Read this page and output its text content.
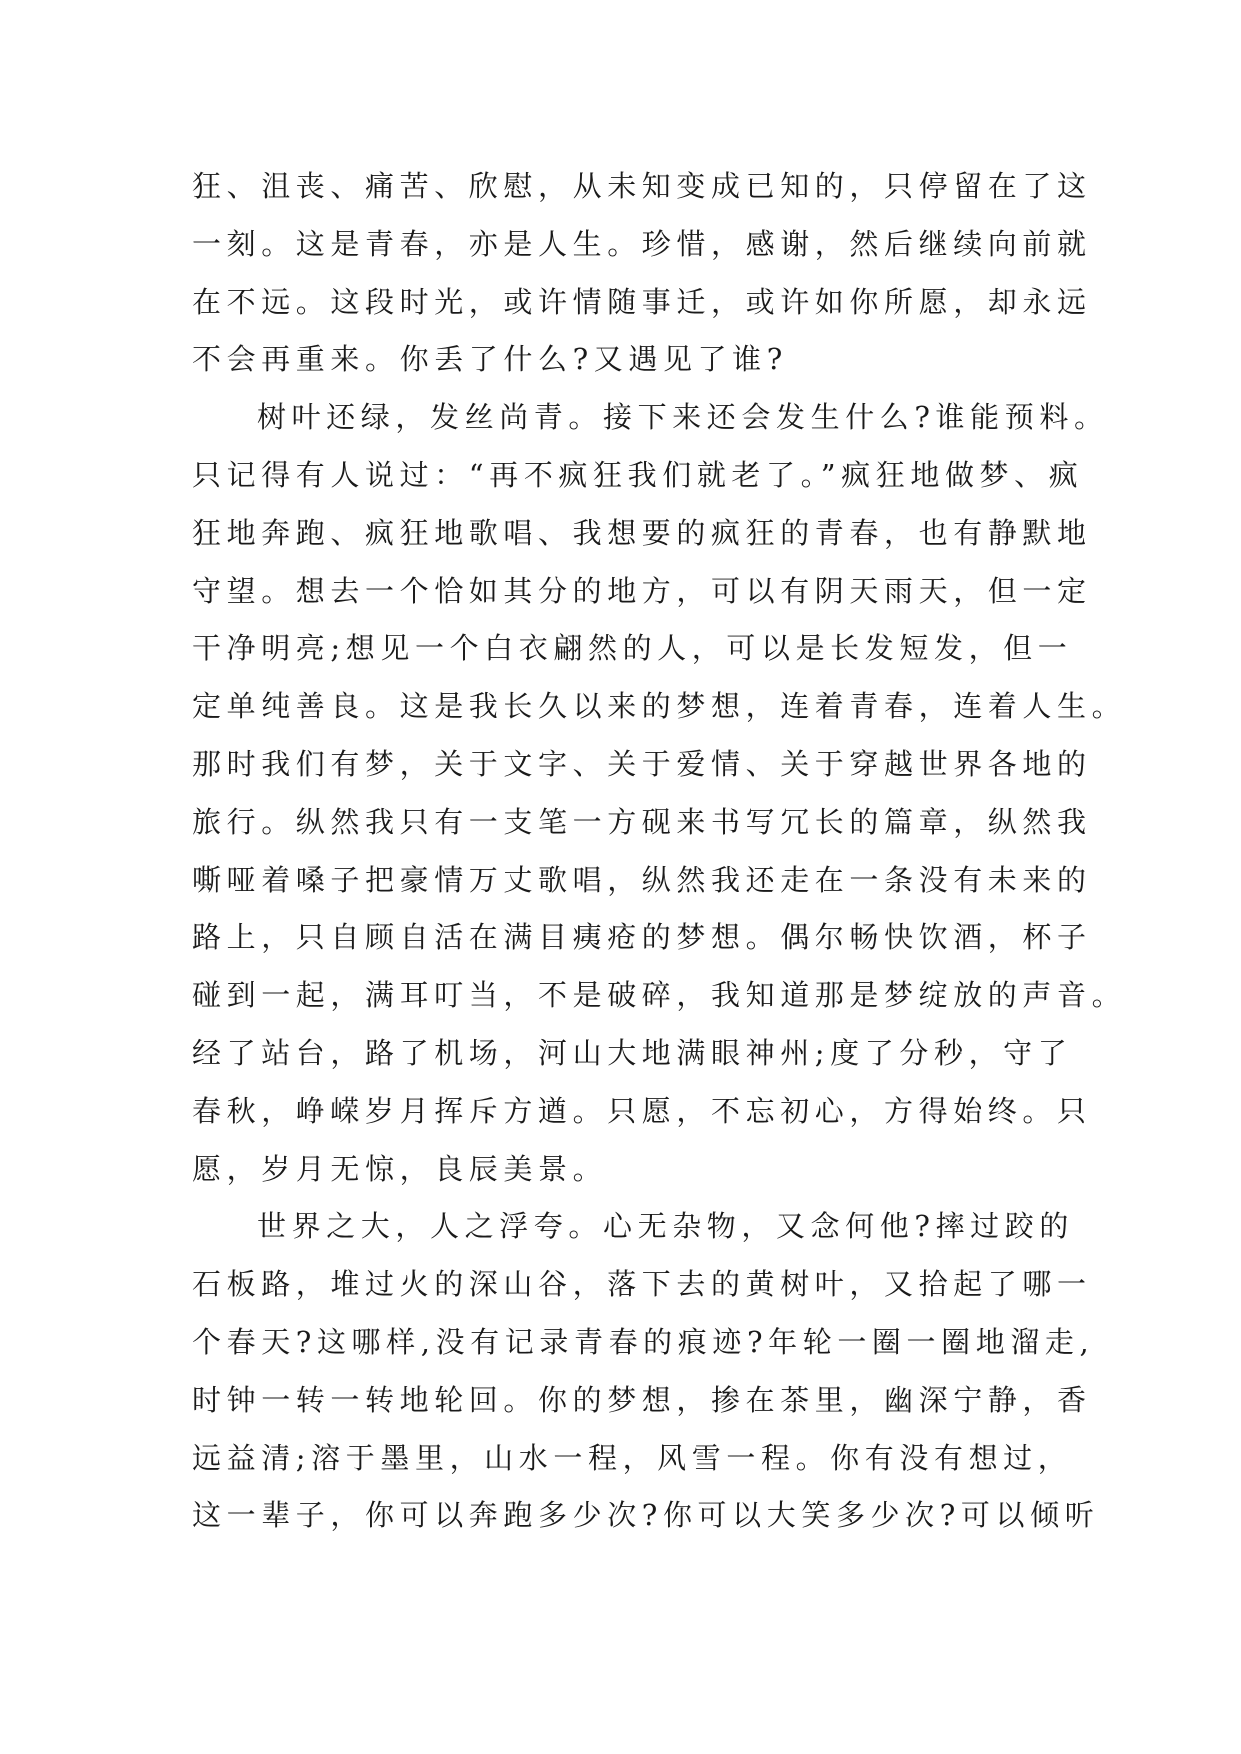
狂、沮丧、痛苦、欣慰，从未知变成已知的，只停留在了这
一刻。这是青春，亦是人生。珍惜，感谢，然后继续向前就
在不远。这段时光，或许情随事迁，或许如你所愿，却永远
不会再重来。你丢了什么?又遇见了谁?
树叶还绿，发丝尚青。接下来还会发生什么?谁能预料。
只记得有人说过：“再不疯狂我们就老了。”疯狂地做梦、疯
狂地奔跑、疯狂地歌唱、我想要的疯狂的青春，也有静默地
守望。想去一个恰如其分的地方，可以有阴天雨天，但一定
干净明亮;想见一个白衣翩然的人，可以是长发短发，但一
定单纯善良。这是我长久以来的梦想，连着青春，连着人生。
那时我们有梦，关于文字、关于爱情、关于穿越世界各地的
旅行。纵然我只有一支笔一方砚来书写冗长的篇章，纵然我
嘶哑着嗓子把豪情万丈歌唱，纵然我还走在一条没有未来的
路上，只自顾自活在满目痍疮的梦想。偶尔畅快饮酒，杯子
碰到一起，满耳叮当，不是破碎，我知道那是梦绽放的声音。
经了站台，路了机场，河山大地满眼神州;度了分秒，守了
春秋，峥嵘岁月挥斥方遒。只愿，不忘初心，方得始终。只
愿，岁月无惊，良辰美景。
世界之大，人之浮夸。心无杂物，又念何他?摔过跤的
石板路，堆过火的深山谷，落下去的黄树叶，又拾起了哪一
个春天?这哪样,没有记录青春的痕迹?年轮一圈一圈地溜走,
时钟一转一转地轮回。你的梦想，掺在茶里，幽深宁静，香
远益清;溶于墨里，山水一程，风雪一程。你有没有想过，
这一辈子，你可以奔跑多少次?你可以大笑多少次?可以倾听
